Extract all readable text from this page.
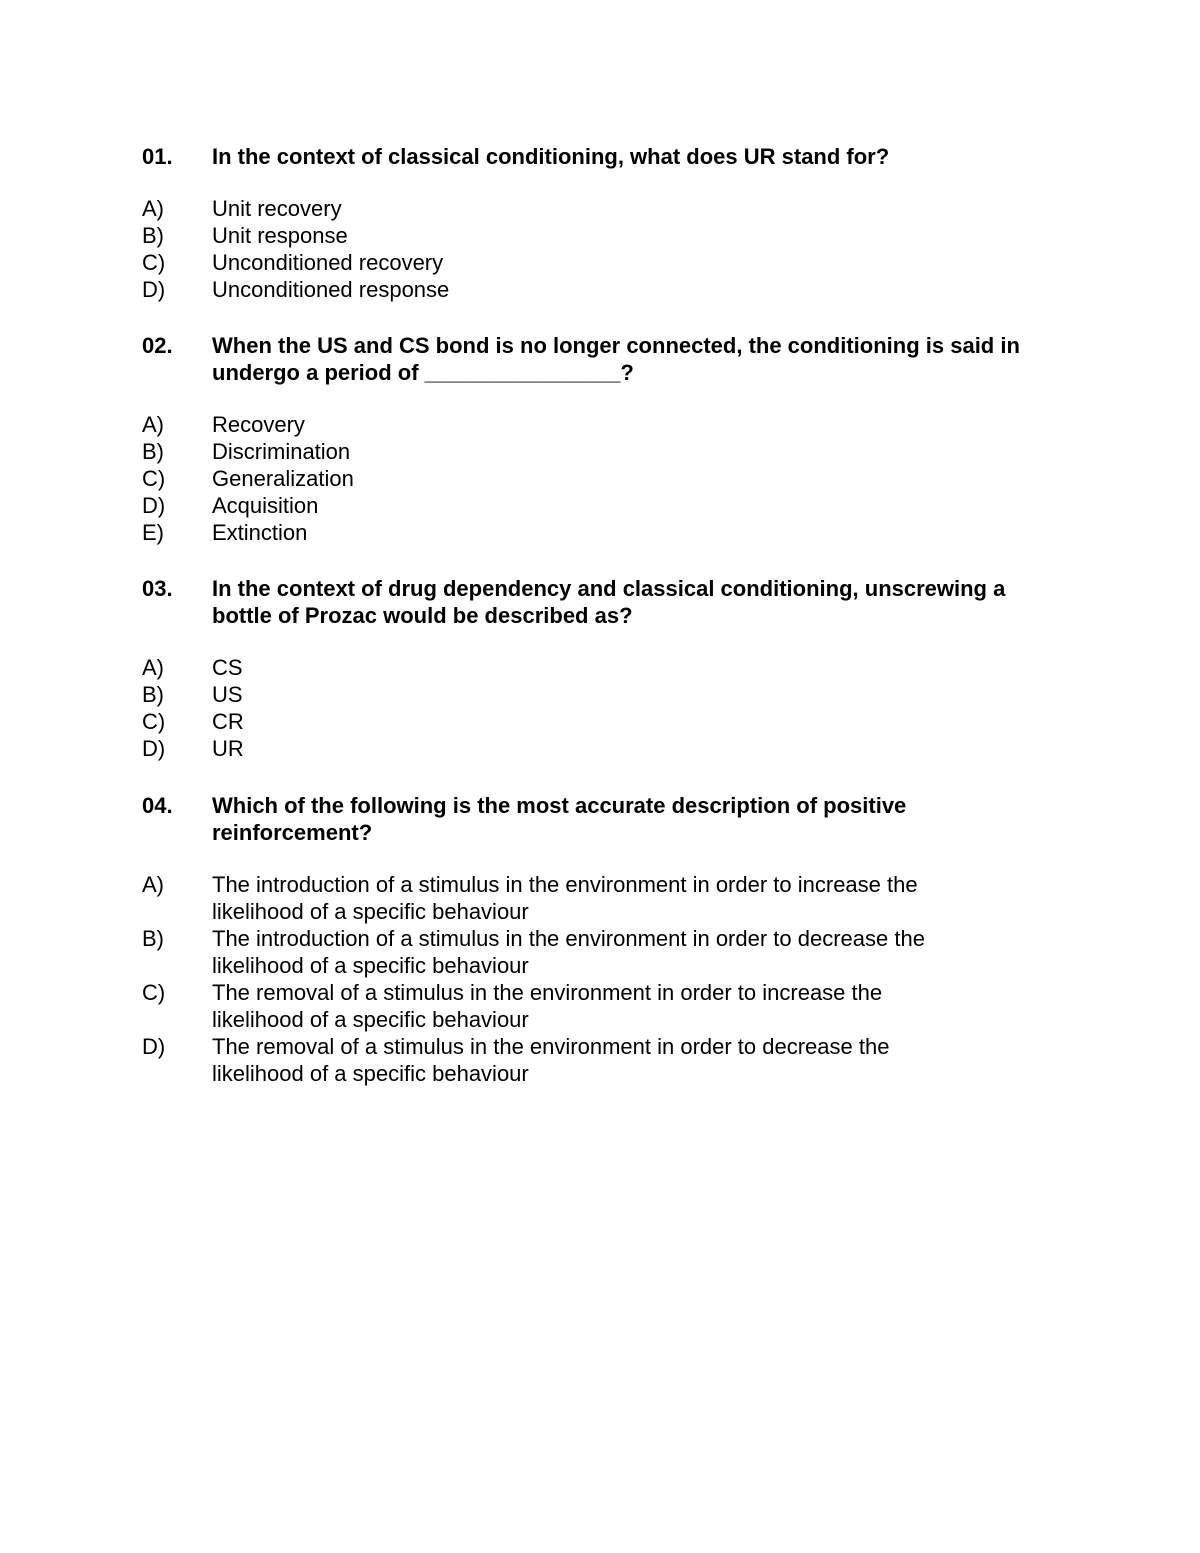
01.	In the context of classical conditioning, what does UR stand for?
A)	Unit recovery
B)	Unit response
C)	Unconditioned recovery
D)	Unconditioned response
02.	When the US and CS bond is no longer connected, the conditioning is said in undergo a period of ________________?
A)	Recovery
B)	Discrimination
C)	Generalization
D)	Acquisition
E)	Extinction
03.	In the context of drug dependency and classical conditioning, unscrewing a bottle of Prozac would be described as?
A)	CS
B)	US
C)	CR
D)	UR
04.	Which of the following is the most accurate description of positive reinforcement?
A)	The introduction of a stimulus in the environment in order to increase the likelihood of a specific behaviour
B)	The introduction of a stimulus in the environment in order to decrease the likelihood of a specific behaviour
C)	The removal of a stimulus in the environment in order to increase the likelihood of a specific behaviour
D)	The removal of a stimulus in the environment in order to decrease the likelihood of a specific behaviour
